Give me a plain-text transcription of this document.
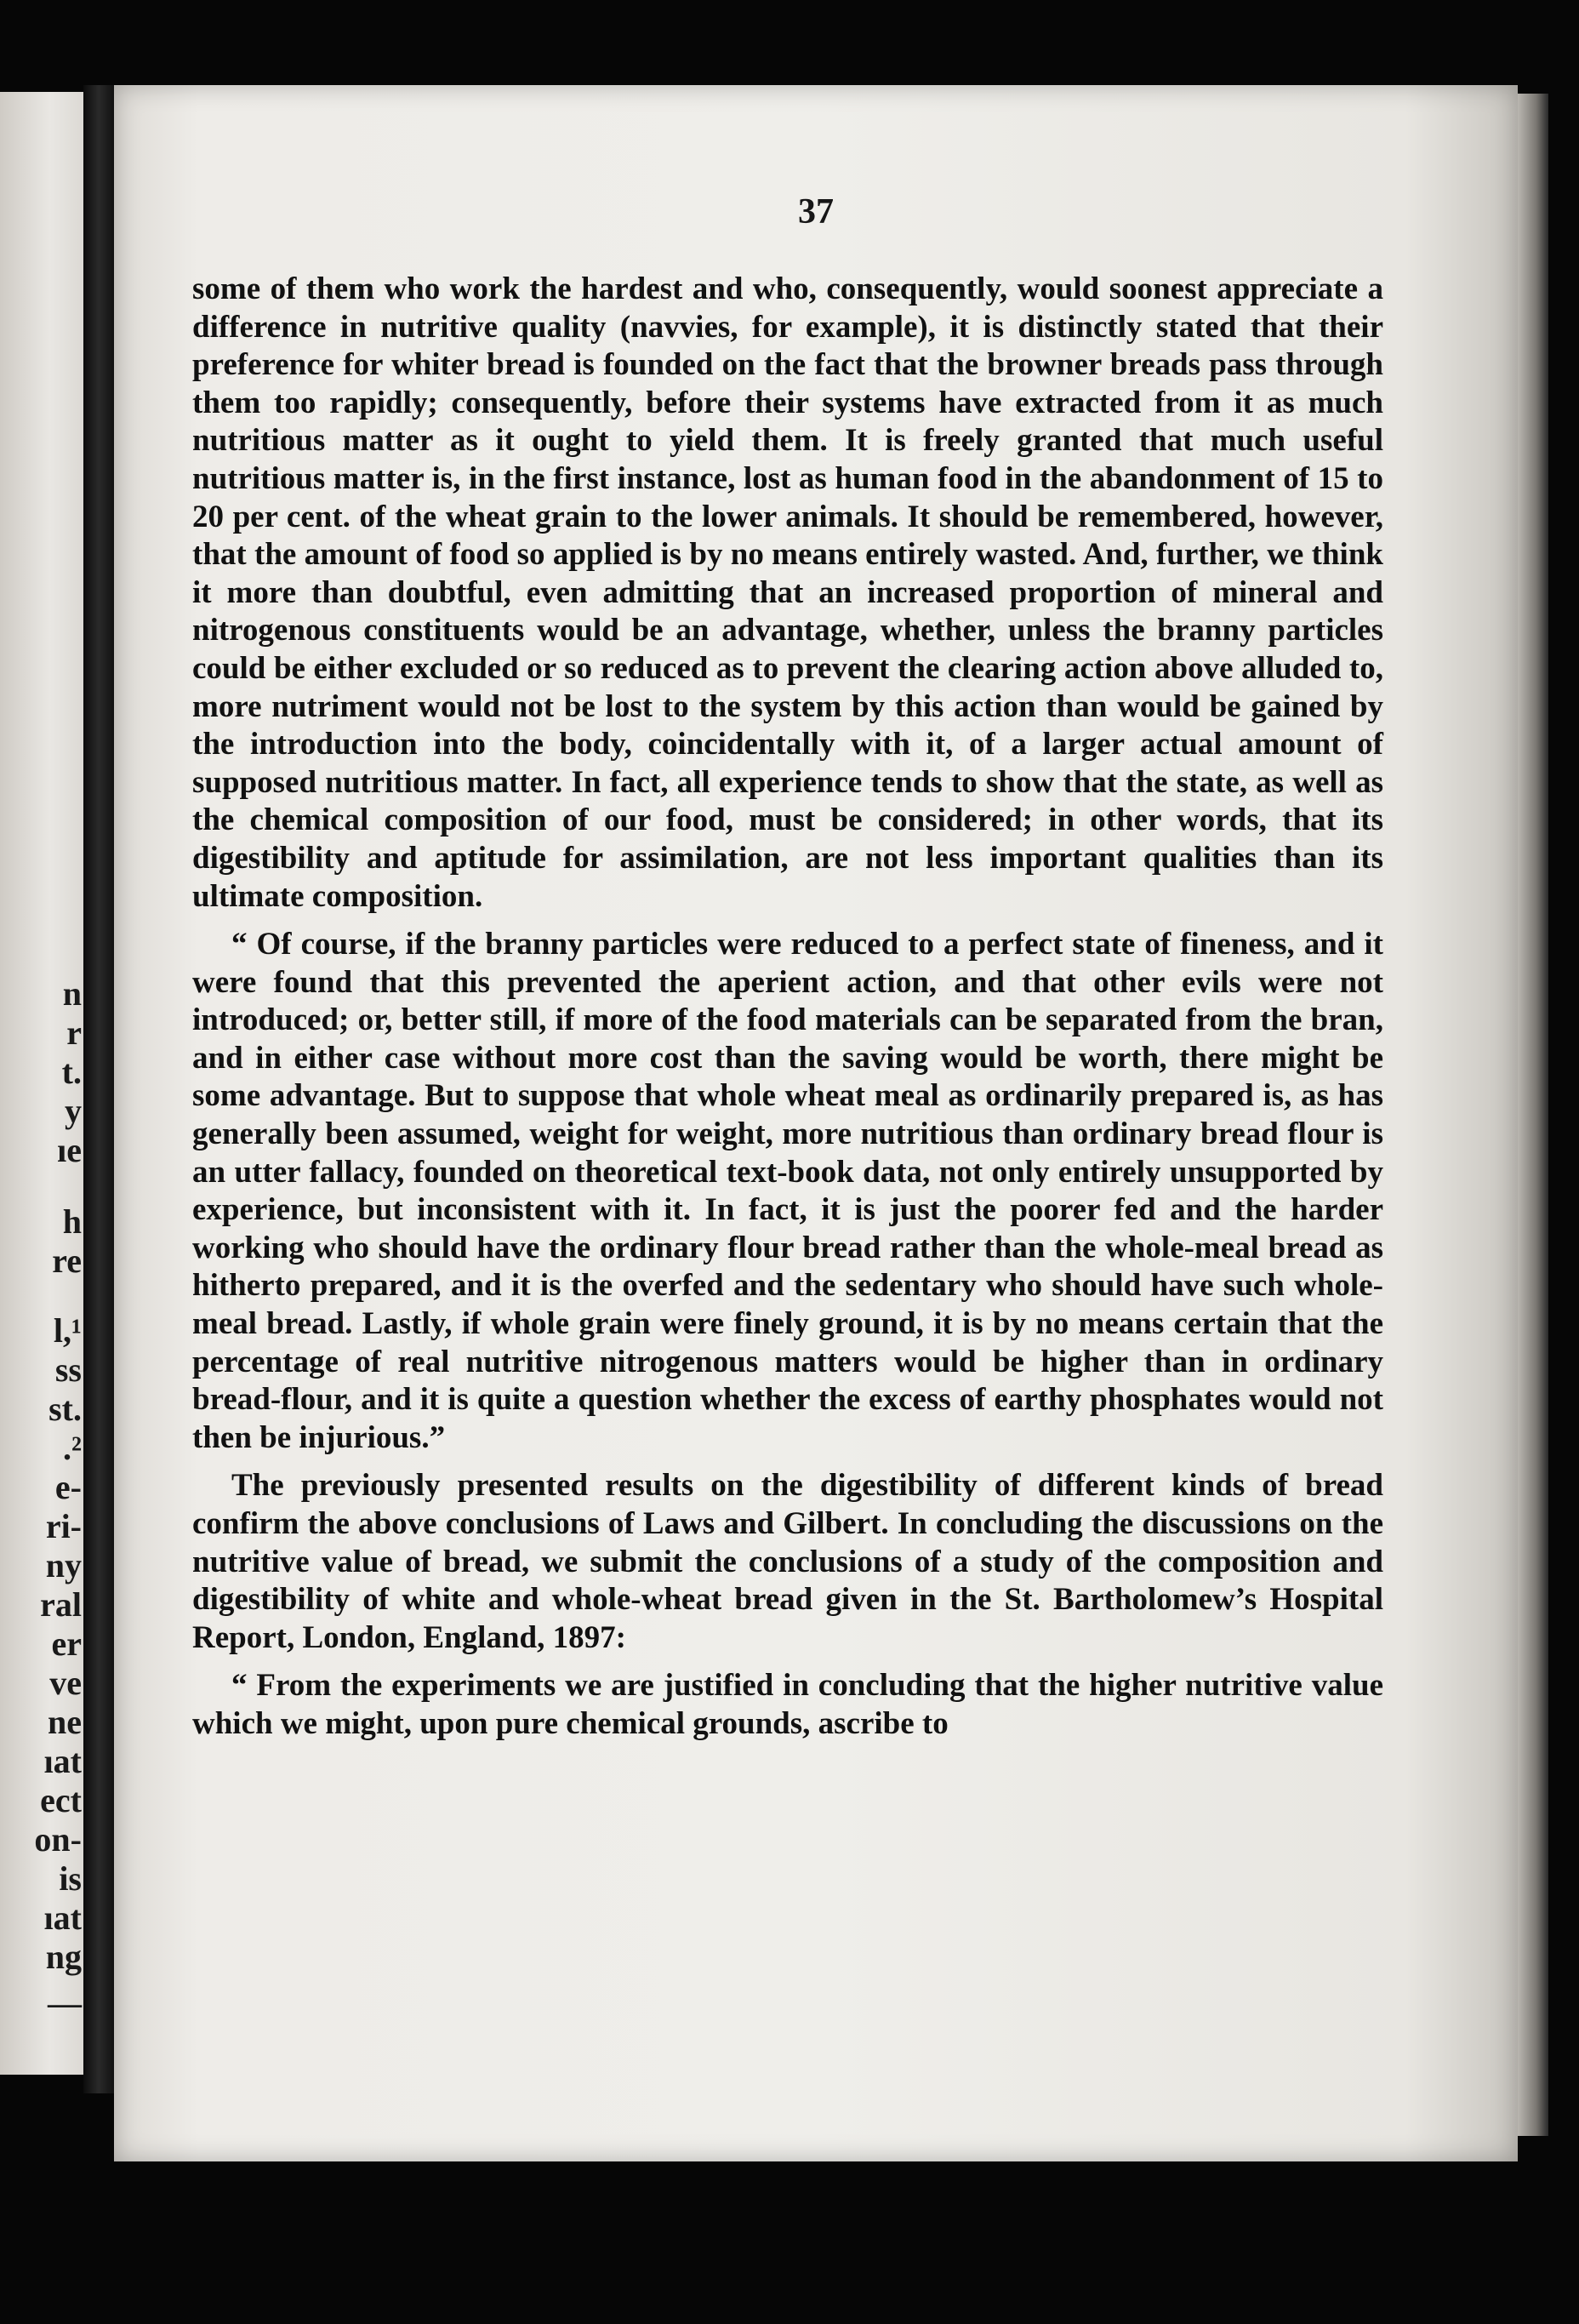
n
r
t.
y
ıe
h
re
l,¹
ss
st.
.²
e-
ri-
ny
ral
er
ve
ne
ıat
ect
on-
is
ıat
ng
—
37

some of them who work the hardest and who, consequently, would soonest appreciate a difference in nutritive quality (navvies, for example), it is distinctly stated that their preference for whiter bread is founded on the fact that the browner breads pass through them too rapidly; consequently, before their systems have extracted from it as much nutritious matter as it ought to yield them. It is freely granted that much useful nutritious matter is, in the first instance, lost as human food in the abandonment of 15 to 20 per cent. of the wheat grain to the lower animals. It should be remembered, however, that the amount of food so applied is by no means entirely wasted. And, further, we think it more than doubtful, even admitting that an increased proportion of mineral and nitrogenous constituents would be an advantage, whether, unless the branny particles could be either excluded or so reduced as to prevent the clearing action above alluded to, more nutriment would not be lost to the system by this action than would be gained by the introduction into the body, coincidentally with it, of a larger actual amount of supposed nutritious matter. In fact, all experience tends to show that the state, as well as the chemical composition of our food, must be considered; in other words, that its digestibility and aptitude for assimilation, are not less important qualities than its ultimate composition.

“ Of course, if the branny particles were reduced to a perfect state of fineness, and it were found that this prevented the aperient action, and that other evils were not introduced; or, better still, if more of the food materials can be separated from the bran, and in either case without more cost than the saving would be worth, there might be some advantage. But to suppose that whole wheat meal as ordinarily prepared is, as has generally been assumed, weight for weight, more nutritious than ordinary bread flour is an utter fallacy, founded on theoretical text-book data, not only entirely unsupported by experience, but inconsistent with it. In fact, it is just the poorer fed and the harder working who should have the ordinary flour bread rather than the whole-meal bread as hitherto prepared, and it is the overfed and the sedentary who should have such whole-meal bread. Lastly, if whole grain were finely ground, it is by no means certain that the percentage of real nutritive nitrogenous matters would be higher than in ordinary bread-flour, and it is quite a question whether the excess of earthy phosphates would not then be injurious.”

The previously presented results on the digestibility of different kinds of bread confirm the above conclusions of Laws and Gilbert. In concluding the discussions on the nutritive value of bread, we submit the conclusions of a study of the composition and digestibility of white and whole-wheat bread given in the St. Bartholomew’s Hospital Report, London, England, 1897:

“ From the experiments we are justified in concluding that the higher nutritive value which we might, upon pure chemical grounds, ascribe to
